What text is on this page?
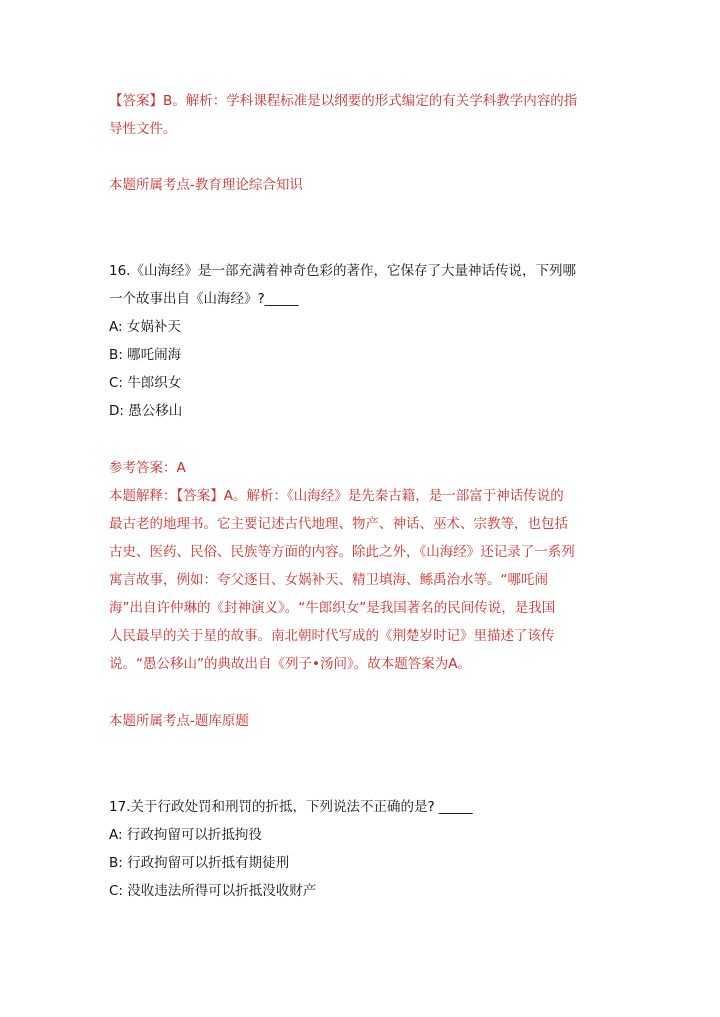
【答案】B。解析：学科课程标准是以纲要的形式编定的有关学科教学内容的指
导性文件。
本题所属考点-教育理论综合知识
16.《山海经》是一部充满着神奇色彩的著作，它保存了大量神话传说，下列哪
一个故事出自《山海经》?_____
A: 女娲补天
B: 哪吒闹海
C: 牛郎织女
D: 愚公移山
参考答案：A
本题解释：【答案】A。解析：《山海经》是先秦古籍，是一部富于神话传说的
最古老的地理书。它主要记述古代地理、物产、神话、巫术、宗教等，也包括
古史、医药、民俗、民族等方面的内容。除此之外，《山海经》还记录了一系列
寓言故事，例如：夸父逐日、女娲补天、精卫填海、鲧禹治水等。“哪吒闹
海”出自许仲琳的《封神演义》。“牛郎织女”是我国著名的民间传说，是我国
人民最早的关于星的故事。南北朝时代写成的《荆楚岁时记》里描述了该传
说。“愚公移山”的典故出自《列子•汤问》。故本题答案为A。
本题所属考点-题库原题
17.关于行政处罚和刑罚的折抵，下列说法不正确的是? _____
A: 行政拘留可以折抵拘役
B: 行政拘留可以折抵有期徒刑
C: 没收违法所得可以折抵没收财产
